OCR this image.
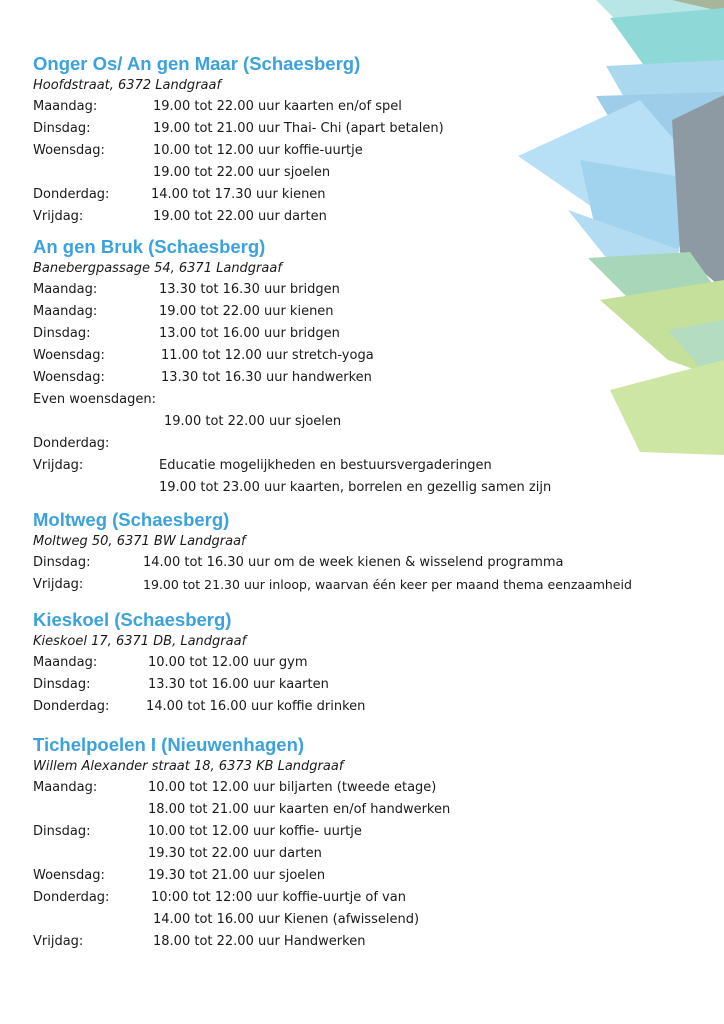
Onger Os/ An gen Maar (Schaesberg)
Hoofdstraat, 6372 Landgraaf
Maandag:	19.00 tot 22.00 uur kaarten en/of spel
Dinsdag:	19.00 tot 21.00 uur Thai- Chi (apart betalen)
Woensdag:	10.00 tot 12.00 uur koffie-uurtje
19.00 tot 22.00 uur sjoelen
Donderdag:	14.00 tot 17.30 uur kienen
Vrijdag:	19.00 tot 22.00 uur darten
An gen Bruk (Schaesberg)
Banebergpassage 54, 6371 Landgraaf
Maandag:	13.30 tot 16.30 uur bridgen
Maandag:	19.00 tot 22.00 uur kienen
Dinsdag:	13.00 tot 16.00 uur bridgen
Woensdag:	11.00 tot 12.00 uur stretch-yoga
Woensdag:	13.30 tot 16.30 uur handwerken
Even woensdagen:
19.00 tot 22.00 uur sjoelen
Donderdag:
Vrijdag:	Educatie mogelijkheden en bestuursvergaderingen
19.00 tot 23.00 uur kaarten, borrelen en gezellig samen zijn
Moltweg (Schaesberg)
Moltweg 50, 6371 BW Landgraaf
Dinsdag:	14.00 tot 16.30 uur om de week kienen & wisselend programma
Vrijdag:	19.00 tot 21.30 uur inloop, waarvan één keer per maand thema eenzaamheid
Kieskoel (Schaesberg)
Kieskoel 17, 6371 DB, Landgraaf
Maandag:	10.00 tot 12.00 uur gym
Dinsdag:	13.30 tot 16.00 uur kaarten
Donderdag:	14.00 tot 16.00 uur koffie drinken
Tichelpoelen I (Nieuwenhagen)
Willem Alexander straat 18, 6373 KB Landgraaf
Maandag:	10.00 tot 12.00 uur biljarten (tweede etage)
18.00 tot 21.00 uur kaarten en/of handwerken
Dinsdag:	10.00 tot 12.00 uur koffie- uurtje
19.30 tot 22.00 uur darten
Woensdag:	19.30 tot 21.00 uur sjoelen
Donderdag:	10:00 tot 12:00 uur koffie-uurtje of van
14.00 tot 16.00 uur Kienen (afwisselend)
Vrijdag:	18.00 tot 22.00 uur Handwerken
